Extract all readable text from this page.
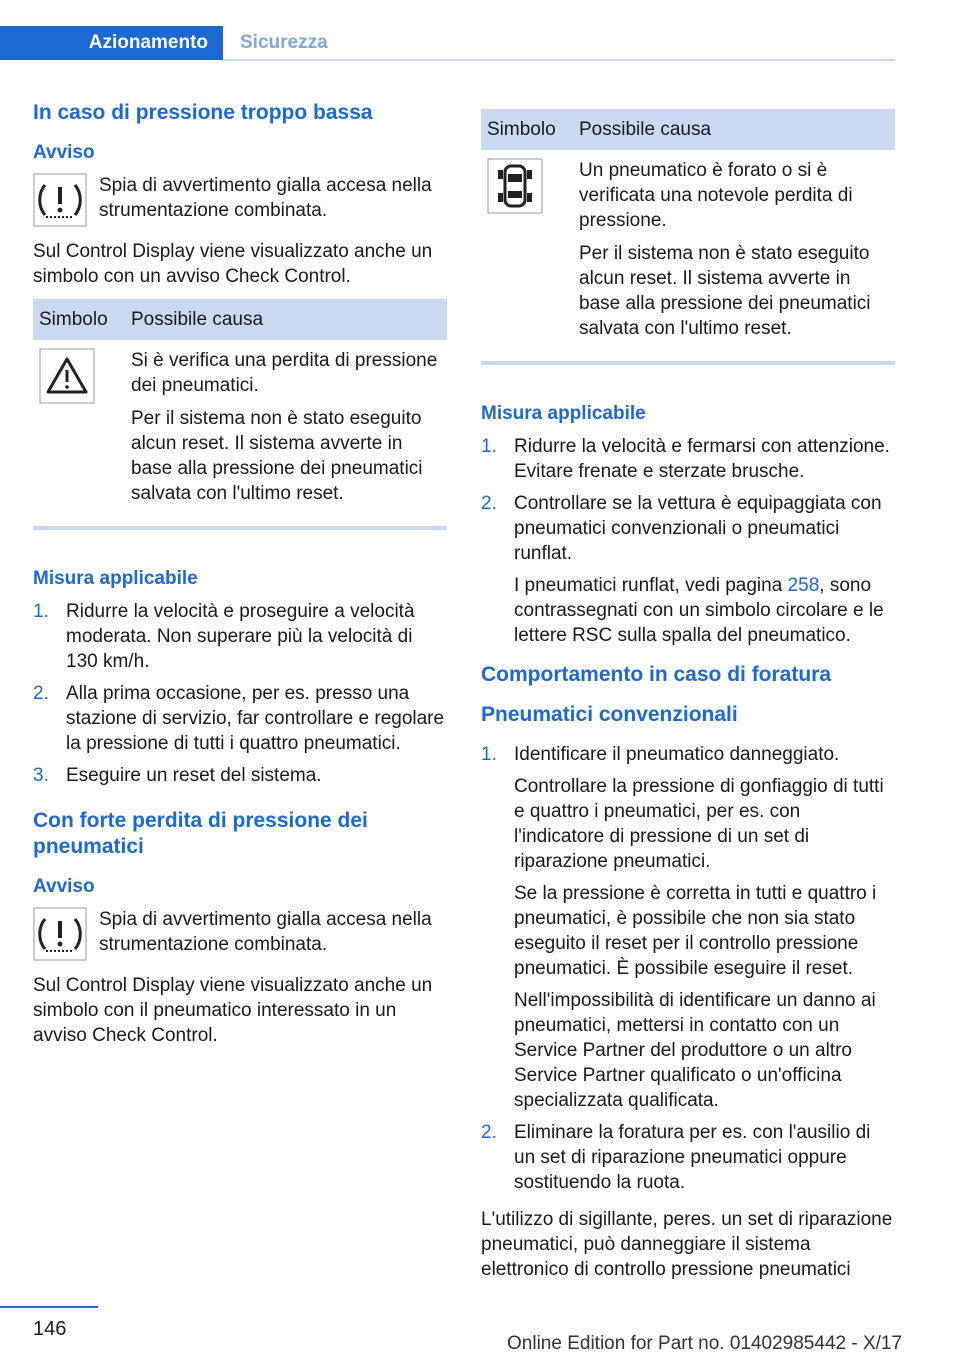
Azionamento	Sicurezza
In caso di pressione troppo bassa
Avviso
Spia di avvertimento gialla accesa nella strumentazione combinata.

Sul Control Display viene visualizzato anche un simbolo con un avviso Check Control.

Simbolo	Possibile causa

Si è verifica una perdita di pressione dei pneumatici.

Per il sistema non è stato eseguito alcun reset. Il sistema avverte in base alla pressione dei pneumatici salvata con l'ultimo reset.

Misura applicabile
1. Ridurre la velocità e proseguire a velocità moderata. Non superare più la velocità di 130 km/h.
2. Alla prima occasione, per es. presso una stazione di servizio, far controllare e regolare la pressione di tutti i quattro pneumatici.
3. Eseguire un reset del sistema.
Con forte perdita di pressione dei pneumatici
Avviso
Spia di avvertimento gialla accesa nella strumentazione combinata.

Sul Control Display viene visualizzato anche un simbolo con il pneumatico interessato in un avviso Check Control.

Simbolo	Possibile causa

Un pneumatico è forato o si è verificata una notevole perdita di pressione.

Per il sistema non è stato eseguito alcun reset. Il sistema avverte in base alla pressione dei pneumatici salvata con l'ultimo reset.

Misura applicabile
1. Ridurre la velocità e fermarsi con attenzione. Evitare frenate e sterzate brusche.
2. Controllare se la vettura è equipaggiata con pneumatici convenzionali o pneumatici runflat.

I pneumatici runflat, vedi pagina 258, sono contrassegnati con un simbolo circolare e le lettere RSC sulla spalla del pneumatico.

Comportamento in caso di foratura
Pneumatici convenzionali
1. Identificare il pneumatico danneggiato.

Controllare la pressione di gonfiaggio di tutti e quattro i pneumatici, per es. con l'indicatore di pressione di un set di riparazione pneumatici.

Se la pressione è corretta in tutti e quattro i pneumatici, è possibile che non sia stato eseguito il reset per il controllo pressione pneumatici. È possibile eseguire il reset.

Nell'impossibilità di identificare un danno ai pneumatici, mettersi in contatto con un Service Partner del produttore o un altro Service Partner qualificato o un'officina specializzata qualificata.

2. Eliminare la foratura per es. con l'ausilio di un set di riparazione pneumatici oppure sostituendo la ruota.

L'utilizzo di sigillante, peres. un set di riparazione pneumatici, può danneggiare il sistema elettronico di controllo pressione pneumatici

146
Online Edition for Part no. 01402985442 - X/17
